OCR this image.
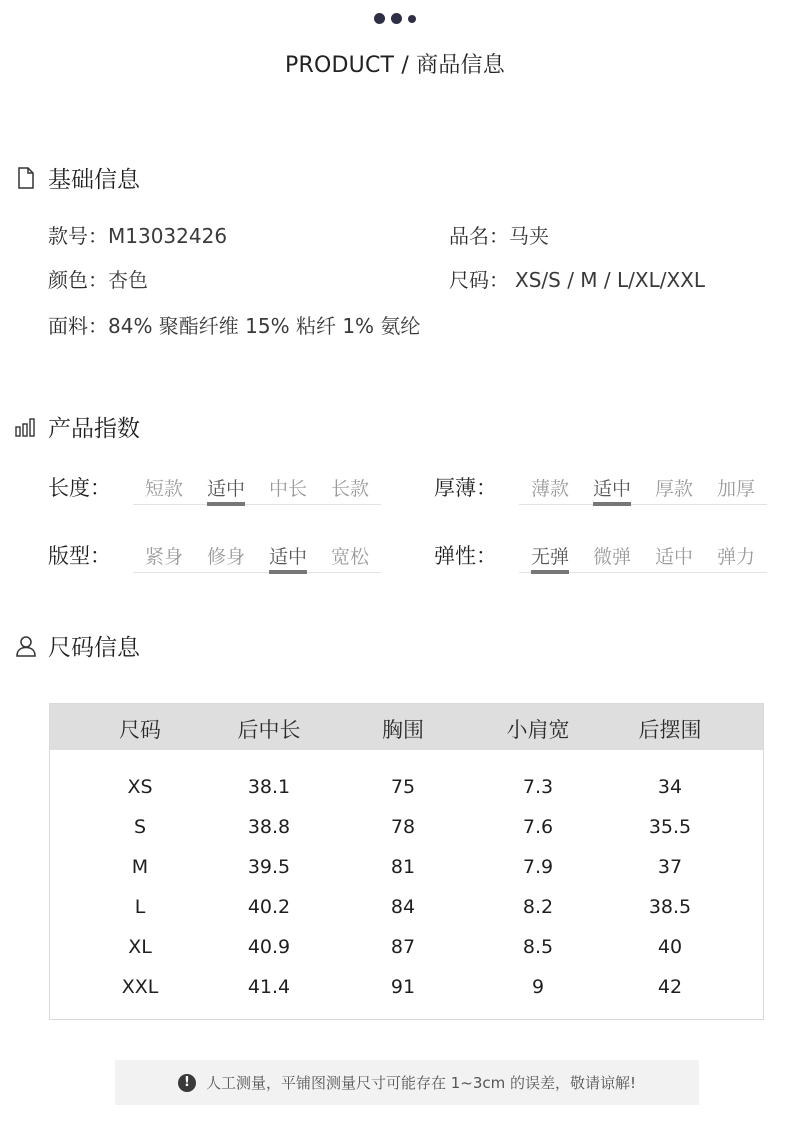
PRODUCT / 商品信息
基础信息
款号：M13032426	品名：马夹
颜色：杏色	尺码： XS/S / M / L/XL/XXL
面料：84% 聚酯纤维 15% 粘纤 1% 氨纶
产品指数
长度：	短款	适中	中长	长款	厚薄：	薄款	适中	厚款	加厚
版型：	紧身	修身	适中	宽松	弹性：	无弹	微弹	适中	弹力
尺码信息
尺码	后中长	胸围	小肩宽	后摆围
XS	38.1	75	7.3	34
S	38.8	78	7.6	35.5
M	39.5	81	7.9	37
L	40.2	84	8.2	38.5
XL	40.9	87	8.5	40
XXL	41.4	91	9	42
!	人工测量，平铺图测量尺寸可能存在 1~3cm 的误差，敬请谅解!
